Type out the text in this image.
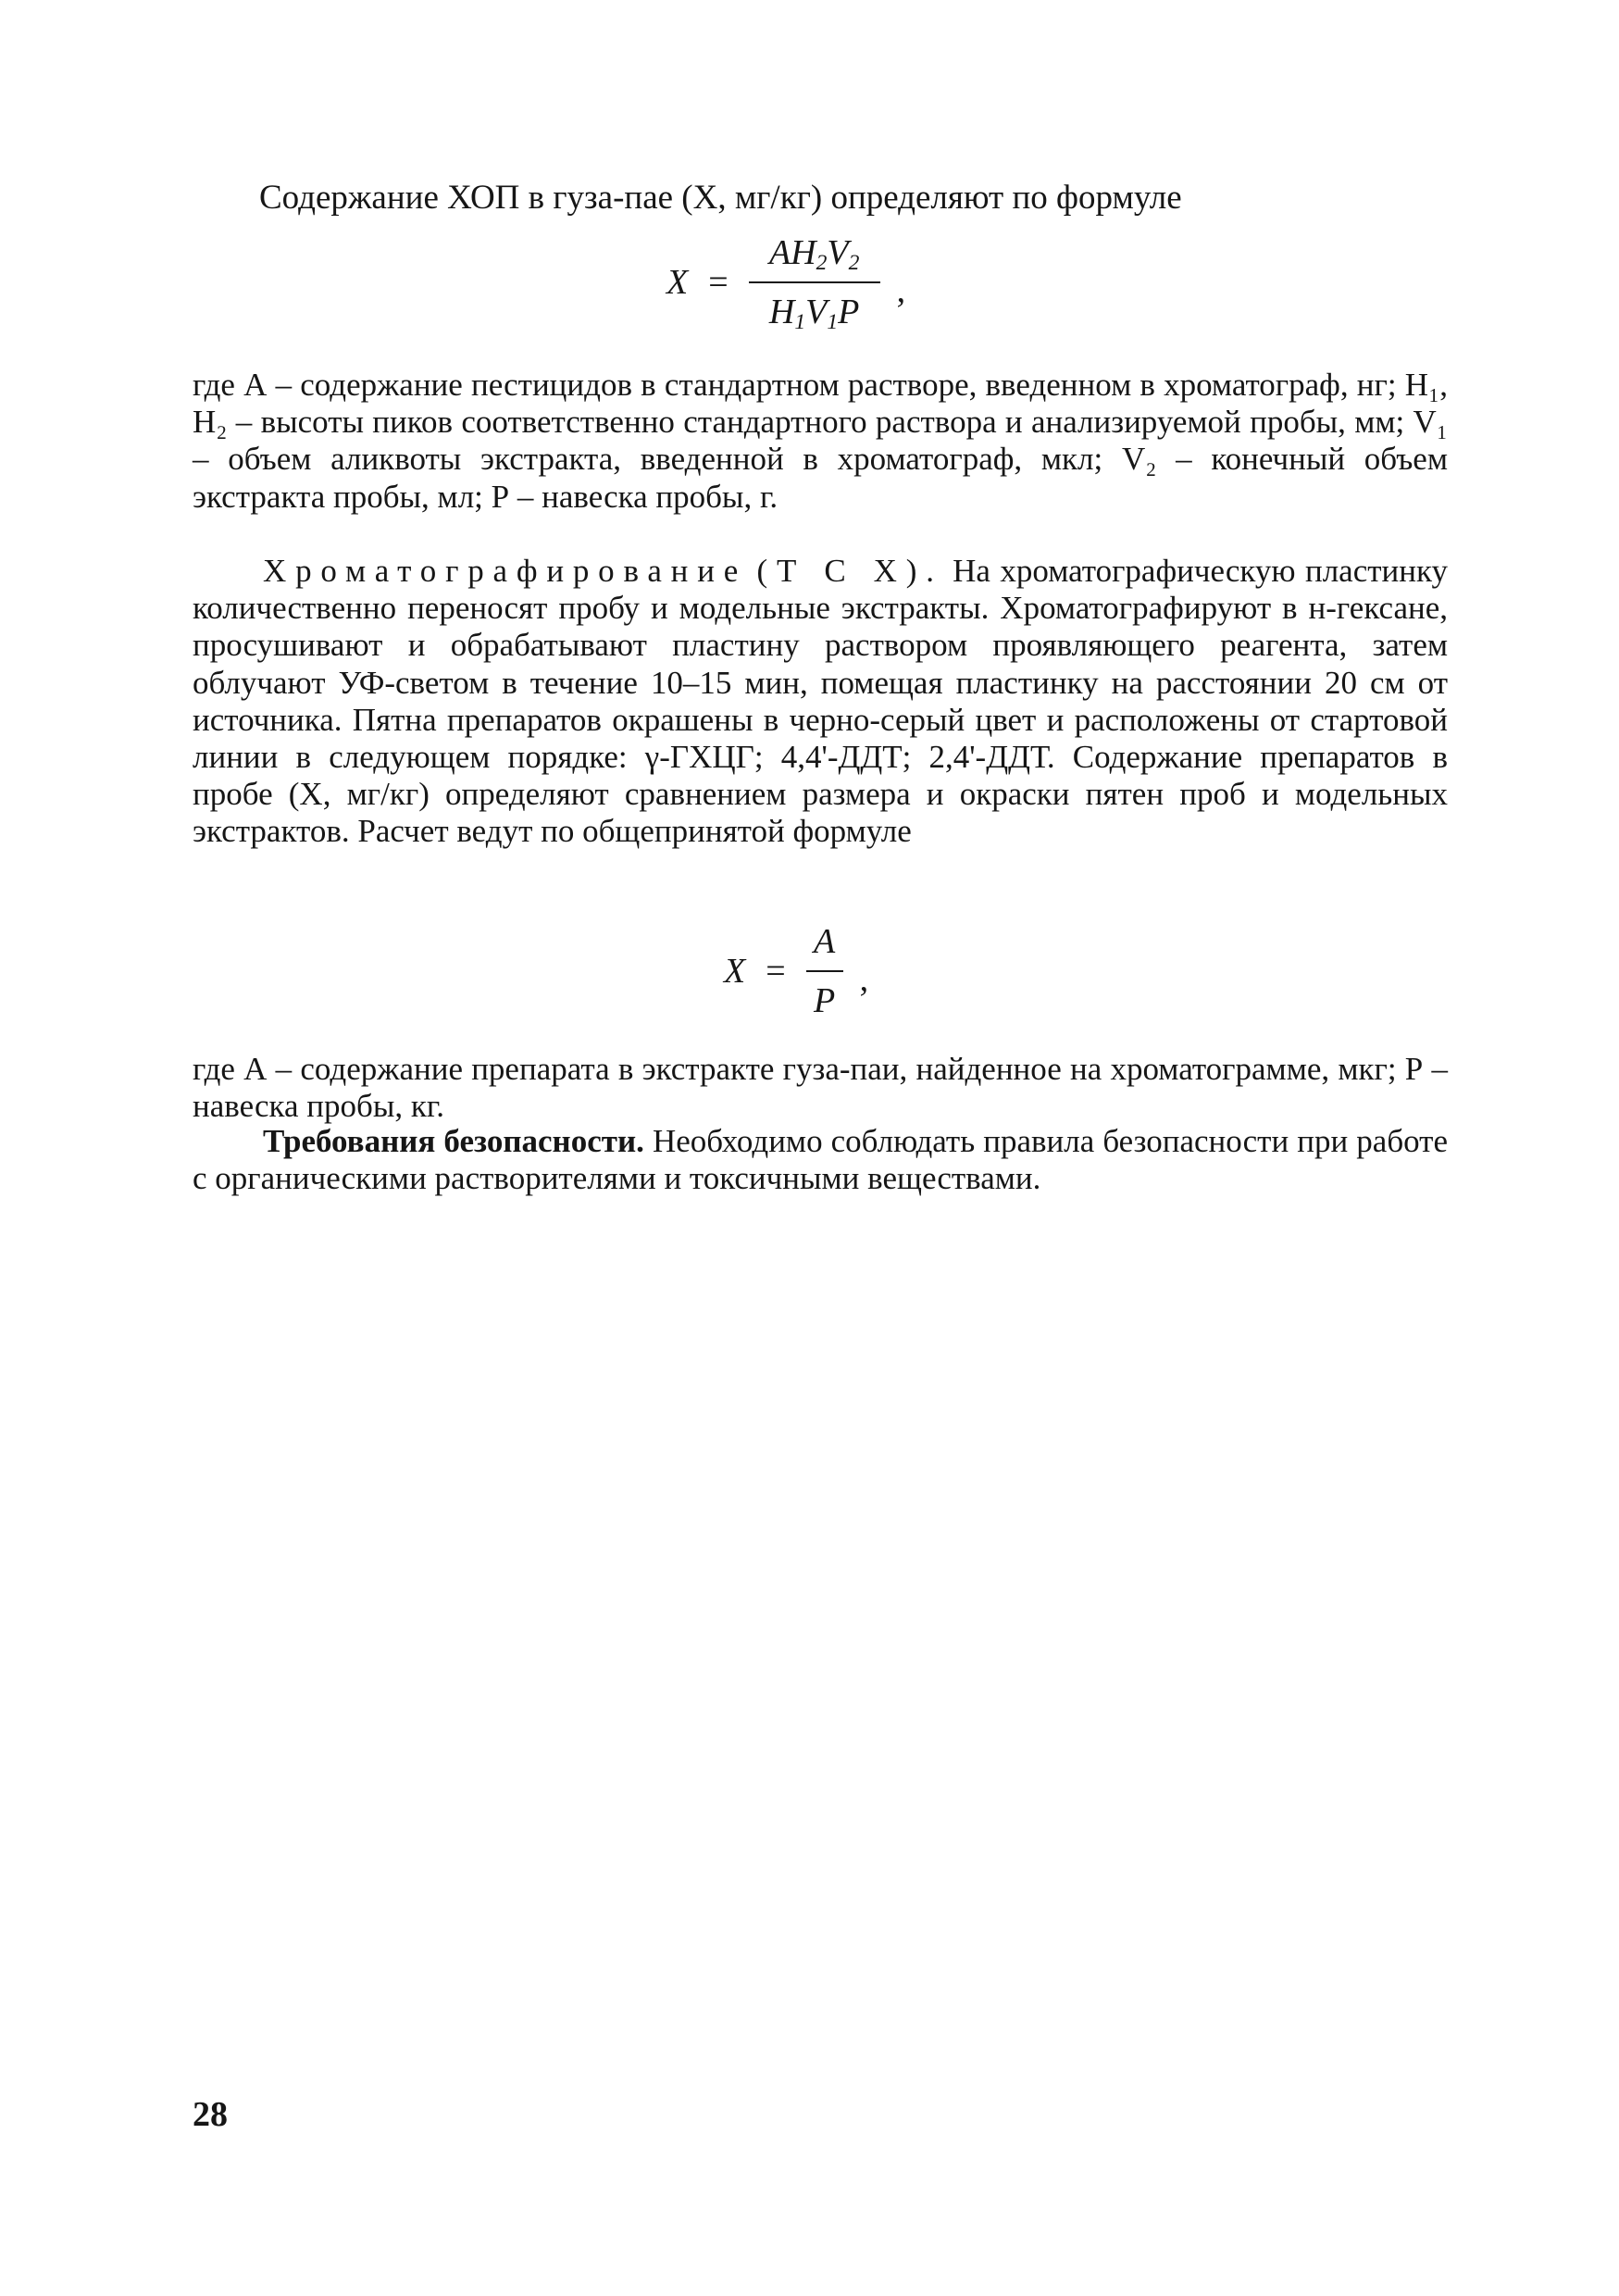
Содержание ХОП в гуза-пае (Х, мг/кг) определяют по формуле
$X = \frac{AH_2V_2}{H_1V_1P}$ ,

где А – содержание пестицидов в стандартном растворе, введенном в хроматограф, нг; H₁, H₂ – высоты пиков соответственно стандартного раствора и анализируемой пробы, мм; V₁ – объем аликвоты экстракта, введенной в хроматограф, мкл; V₂ – конечный объем экстракта пробы, мл; Р – навеска пробы, г.

Хроматографирование (Т С Х). На хроматографическую пластинку количественно переносят пробу и модельные экстракты. Хроматографируют в н-гексане, просушивают и обрабатывают пластину раствором проявляющего реагента, затем облучают УФ-светом в течение 10–15 мин, помещая пластинку на расстоянии 20 см от источника. Пятна препаратов окрашены в черно-серый цвет и расположены от стартовой линии в следующем порядке: γ-ГХЦГ; 4,4'-ДДТ; 2,4'-ДДТ. Содержание препаратов в пробе (Х, мг/кг) определяют сравнением размера и окраски пятен проб и модельных экстрактов. Расчет ведут по общепринятой формуле

$X = \frac{A}{P}$ ,

где А – содержание препарата в экстракте гуза-паи, найденное на хроматограмме, мкг; Р – навеска пробы, кг.

Требования безопасности. Необходимо соблюдать правила безопасности при работе с органическими растворителями и токсичными веществами.

28
